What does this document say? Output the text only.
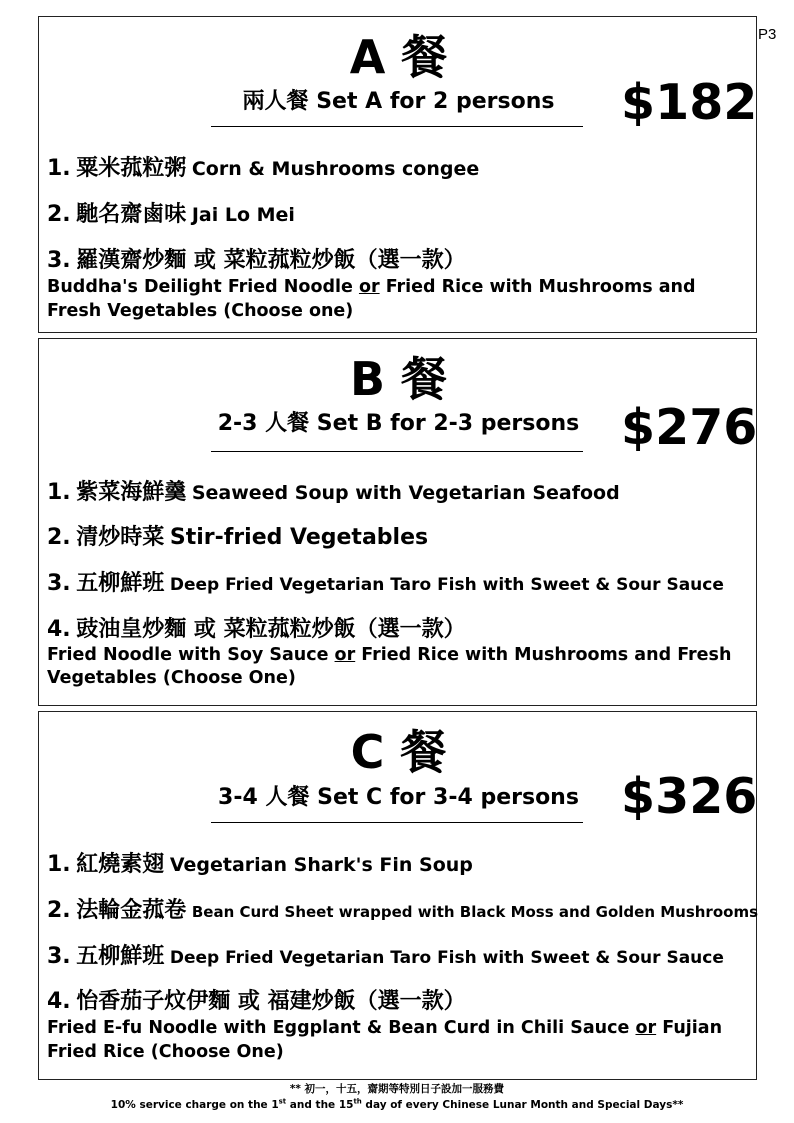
P3
A 餐
兩人餐 Set A for 2 persons	$182
1. 粟米菰粒粥 Corn & Mushrooms congee
2. 馳名齋鹵味 Jai Lo Mei
3. 羅漢齋炒麵 或 菜粒菰粒炒飯（選一款）
Buddha's Deilight Fried Noodle or Fried Rice with Mushrooms and Fresh Vegetables (Choose one)
B 餐
2-3 人餐 Set B for 2-3 persons $276
1. 紫菜海鮮羹 Seaweed Soup with Vegetarian Seafood
2. 清炒時菜 Stir-fried Vegetables
3. 五柳鮮班 Deep Fried Vegetarian Taro Fish with Sweet & Sour Sauce
4. 豉油皇炒麵 或 菜粒菰粒炒飯（選一款）
Fried Noodle with Soy Sauce or Fried Rice with Mushrooms and Fresh Vegetables (Choose One)
C 餐
3-4 人餐 Set C for 3-4 persons $326
1. 紅燒素翅 Vegetarian Shark's Fin Soup
2. 法輪金菰卷 Bean Curd Sheet wrapped with Black Moss and Golden Mushrooms
3. 五柳鮮班 Deep Fried Vegetarian Taro Fish with Sweet & Sour Sauce
4. 怡香茄子炆伊麵 或 福建炒飯（選一款）
Fried E-fu Noodle with Eggplant & Bean Curd in Chili Sauce or Fujian Fried Rice (Choose One)
** 初一，十五，齋期等特別日子設加一服務費
10% service charge on the 1st and the 15th day of every Chinese Lunar Month and Special Days**
